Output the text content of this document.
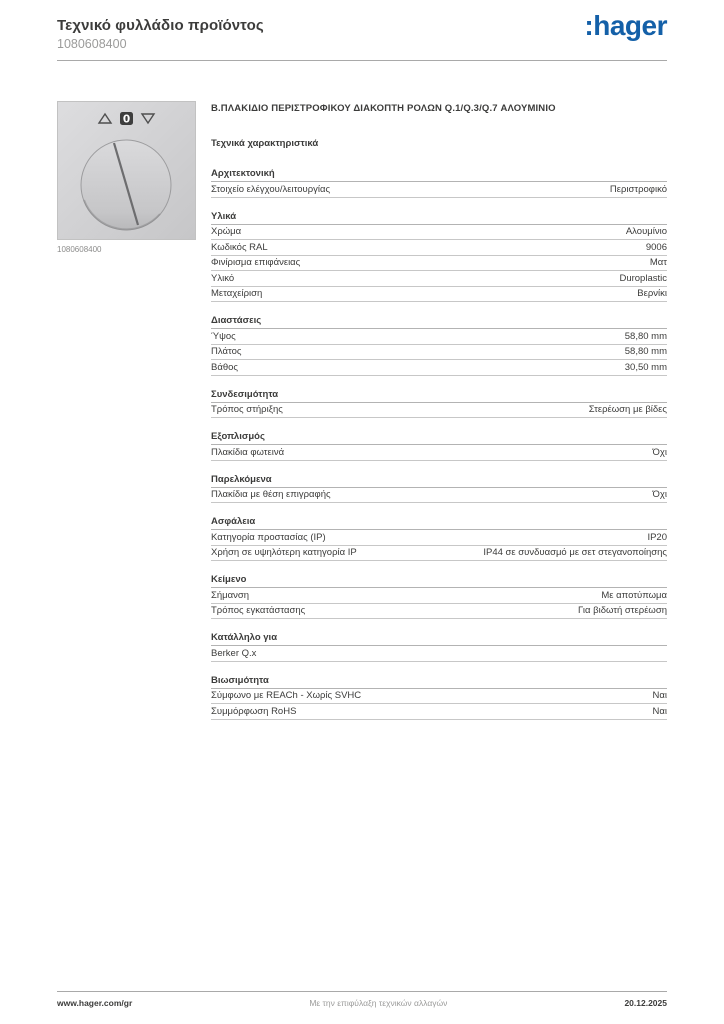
Τεχνικό φυλλάδιο προϊόντος
1080608400
:hager
0
1080608400
Β.ΠΛΑΚΙΔΙΟ ΠΕΡΙΣΤΡΟΦΙΚΟΥ ΔΙΑΚΟΠΤΗ ΡΟΛΩΝ Q.1/Q.3/Q.7 ΑΛΟΥΜΙΝΙΟ
Τεχνικά χαρακτηριστικά
Αρχιτεκτονική
Στοιχείο ελέγχου/λειτουργίας	Περιστροφικό
Υλικά
Χρώμα	Αλουμίνιο
Κωδικός RAL	9006
Φινίρισμα επιφάνειας	Ματ
Υλικό	Duroplastic
Μεταχείριση	Βερνίκι
Διαστάσεις
Ύψος	58,80 mm
Πλάτος	58,80 mm
Βάθος	30,50 mm
Συνδεσιμότητα
Τρόπος στήριξης	Στερέωση με βίδες
Εξοπλισμός
Πλακίδια φωτεινά	Όχι
Παρελκόμενα
Πλακίδια με θέση επιγραφής	Όχι
Ασφάλεια
Κατηγορία προστασίας (IP)	IP20
Χρήση σε υψηλότερη κατηγορία IP	IP44 σε συνδυασμό με σετ στεγανοποίησης
Κείμενο
Σήμανση	Με αποτύπωμα
Τρόπος εγκατάστασης	Για βιδωτή στερέωση
Κατάλληλο για
Berker Q.x
Βιωσιμότητα
Σύμφωνο με REACh - Χωρίς SVHC	Ναι
Συμμόρφωση RoHS	Ναι
www.hager.com/gr	Με την επιφύλαξη τεχνικών αλλαγών	20.12.2025
